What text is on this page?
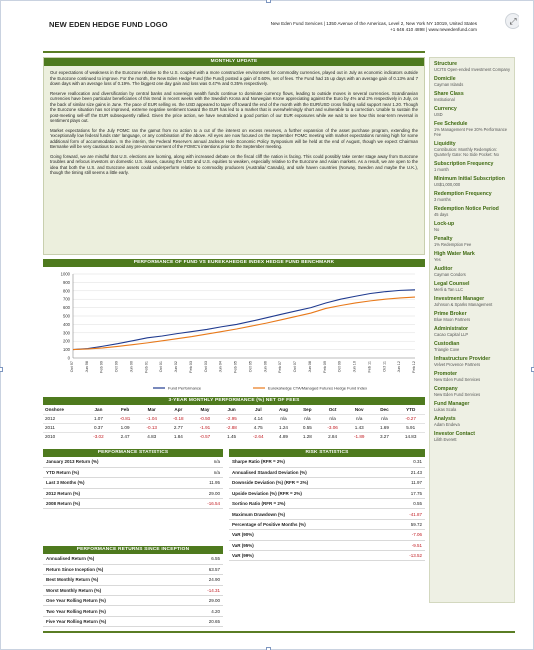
NEW EDEN HEDGE FUND LOGO	New Eden Fund Services | 1350 Avenue of the Americas, Level 2, New York NY 10019, United States
+1 646 410 4898 | www.newedenfund.com
⤢
MONTHLY UPDATE

Our expectations of weakness in the Eurozone relative to the U.S. coupled with a more constructive environment for commodity currencies, played out in July as economic indicators outside the Eurozone continued to improve. For the month, the New Eden Hedge Fund (the Fund) posted a gain of 0.60%, net of fees. The Fund had 15 up days with an average gain of 0.13% and 7 down days with an average loss of 0.19%. The biggest one day gain and loss was 0.47% and 0.35% respectively.

Reserve reallocation and diversification by central banks and sovereign wealth funds continue to dominate currency flows, leading to outside moves in several currencies. Scandinavian currencies have been particular beneficiaries of this trend in recent weeks with the Swedish Krona and Norwegian Krone appreciating against the Euro by 4% and 2% respectively in July, on the back of similar size gains in June. The pace of EUR selling vs. the USD appeared to taper off toward the end of the month with the EUR/USD cross finding solid support near 1.20. Though the Eurozone situation has not improved, extreme negative sentiment toward the EUR has led to a market that is overwhelmingly short and vulnerable to a correction. Unable to sustain the post-meeting sell-off the EUR subsequently rallied. Given the price action, we have neutralized a good portion of our EUR exposures while we wait to see how this near-term reversal in sentiment plays out.

Market expectations for the July FOMC ran the gamut from no action to a cut of the interest on excess reserves, a further expansion of the asset purchase program, extending the 'exceptionally low federal funds rate' language, or any combination of the above. All eyes are now focused on the September FOMC meeting with market expectations running high for some additional form of accommodation. In the interim, the Federal Reserve's annual Jackson Hole Economic Policy Symposium will be held at the end of August, though we expect Chairman Bernanke will be very cautious to avoid any pre-announcement of the FOMC's intentions prior to the September meeting.

Going forward, we are mindful that U.S. elections are looming, along with increased debate on the fiscal cliff the nation is facing. This could possibly take center stage away from Eurozone troubles and refocus investors on domestic U.S. issues, causing the USD and U.S. equities to weaken, especially relative to the Eurozone and Asian markets. As a result, we are open to the idea that both the U.S. and Eurozone assets could underperform relative to commodity producers (Australia/ Canada), and safe haven countries (Norway, Sweden and maybe the U.K.), though the timing still seems a little early.

PERFORMANCE OF FUND VS EUREKAHEDGE INDEX HEDGE FUND BENCHMARK
0
100
200
300
400
500
600
700
800
900
1000
Oct 97	Jun 98	Feb 99	Oct 99	Jun 00	Feb 01	Oct 01	Jun 02	Feb 03	Oct 03	Jun 04	Feb 05	Oct 05	Jun 06	Feb 07	Oct 07	Jun 08	Feb 09	Oct 09	Jun 10	Feb 11	Oct 11	Jun 12	Feb 12
Fund Performance	Eurekahedge CTA/Managed Futures Hedge Fund Index
3-YEAR MONTHLY PERFORMANCE (%) NET OF FEES
Onshore	Jan	Feb	Mar	Apr	May	Jun	Jul	Aug	Sep	Oct	Nov	Dec	YTD
2012	1.07	-0.81	-1.04	-0.18	-0.50	-2.95	4.14	n/a	n/a	n/a	n/a	n/a	-0.27
2011	0.37	1.09	-0.13	2.77	-1.91	-2.88	4.75	1.24	0.55	-3.06	1.43	1.69	5.91
2010	-3.02	2.47	4.83	1.84	-0.57	1.45	-2.64	4.89	1.28	2.84	-1.89	3.27	14.83
PERFORMANCE STATISTICS
January 2013 Return (%)	n/a
YTD Return (%)	n/a
Last 3 Months (%)	11.95
2012 Return (%)	29.00
2008 Return (%)	-16.54
RISK STATISTICS
Sharpe Ratio (RFR = 2%)	0.31
Annualised Standard Deviation (%)	21.43
Downside Deviation (%) (RFR = 2%)	11.97
Upside Deviation (%) (RFR = 2%)	17.75
Sortino Ratio (RFR = 2%)	0.55
Maximum Drawdown (%)	-41.87
Percentage of Positive Months (%)	59.72
VaR (90%)	-7.06
VaR (95%)	-9.51
VaR (99%)	-13.52
PERFORMANCE RETURNS SINCE INCEPTION
Annualised Return (%)	6.55
Return Since Inception (%)	63.57
Best Monthly Return (%)	24.90
Worst Monthly Return (%)	-14.31
One Year Rolling Return (%)	29.00
Two Year Rolling Return (%)	4.20
Five Year Rolling Return (%)	20.65
Structure
UCITS Open-ended Investment Company
Domicile
Cayman Islands
Share Class
Institutional
Currency
USD
Fee Schedule
1% Management Fee 20% Performance Fee
Liquidity
Contribution: Monthly Redemption: Quarterly Gate: No Side Pocket: No
Subscription Frequency
1 month
Minimum Initial Subscription
US$1,000,000
Redemption Frequency
3 months
Redemption Notice Period
45 days
Lock-up
No
Penalty
1% Redemption Fee
High Water Mark
Yes
Auditor
Cayman Condors
Legal Counsel
Merli & Tan LLC
Investment Manager
Johnson & Sparks Management
Prime Broker
Blue Moon Partners
Administrator
Cacao Capital LLP
Custodian
Triangle Cove
Infrastructure Provider
Velvet Provence Partners
Promoter
New Eden Fund Services
Company
New Eden Fund Services
Fund Manager
Lukas Scala
Analysts
Adam Endeva
Investor Contact
Lilith Everett
